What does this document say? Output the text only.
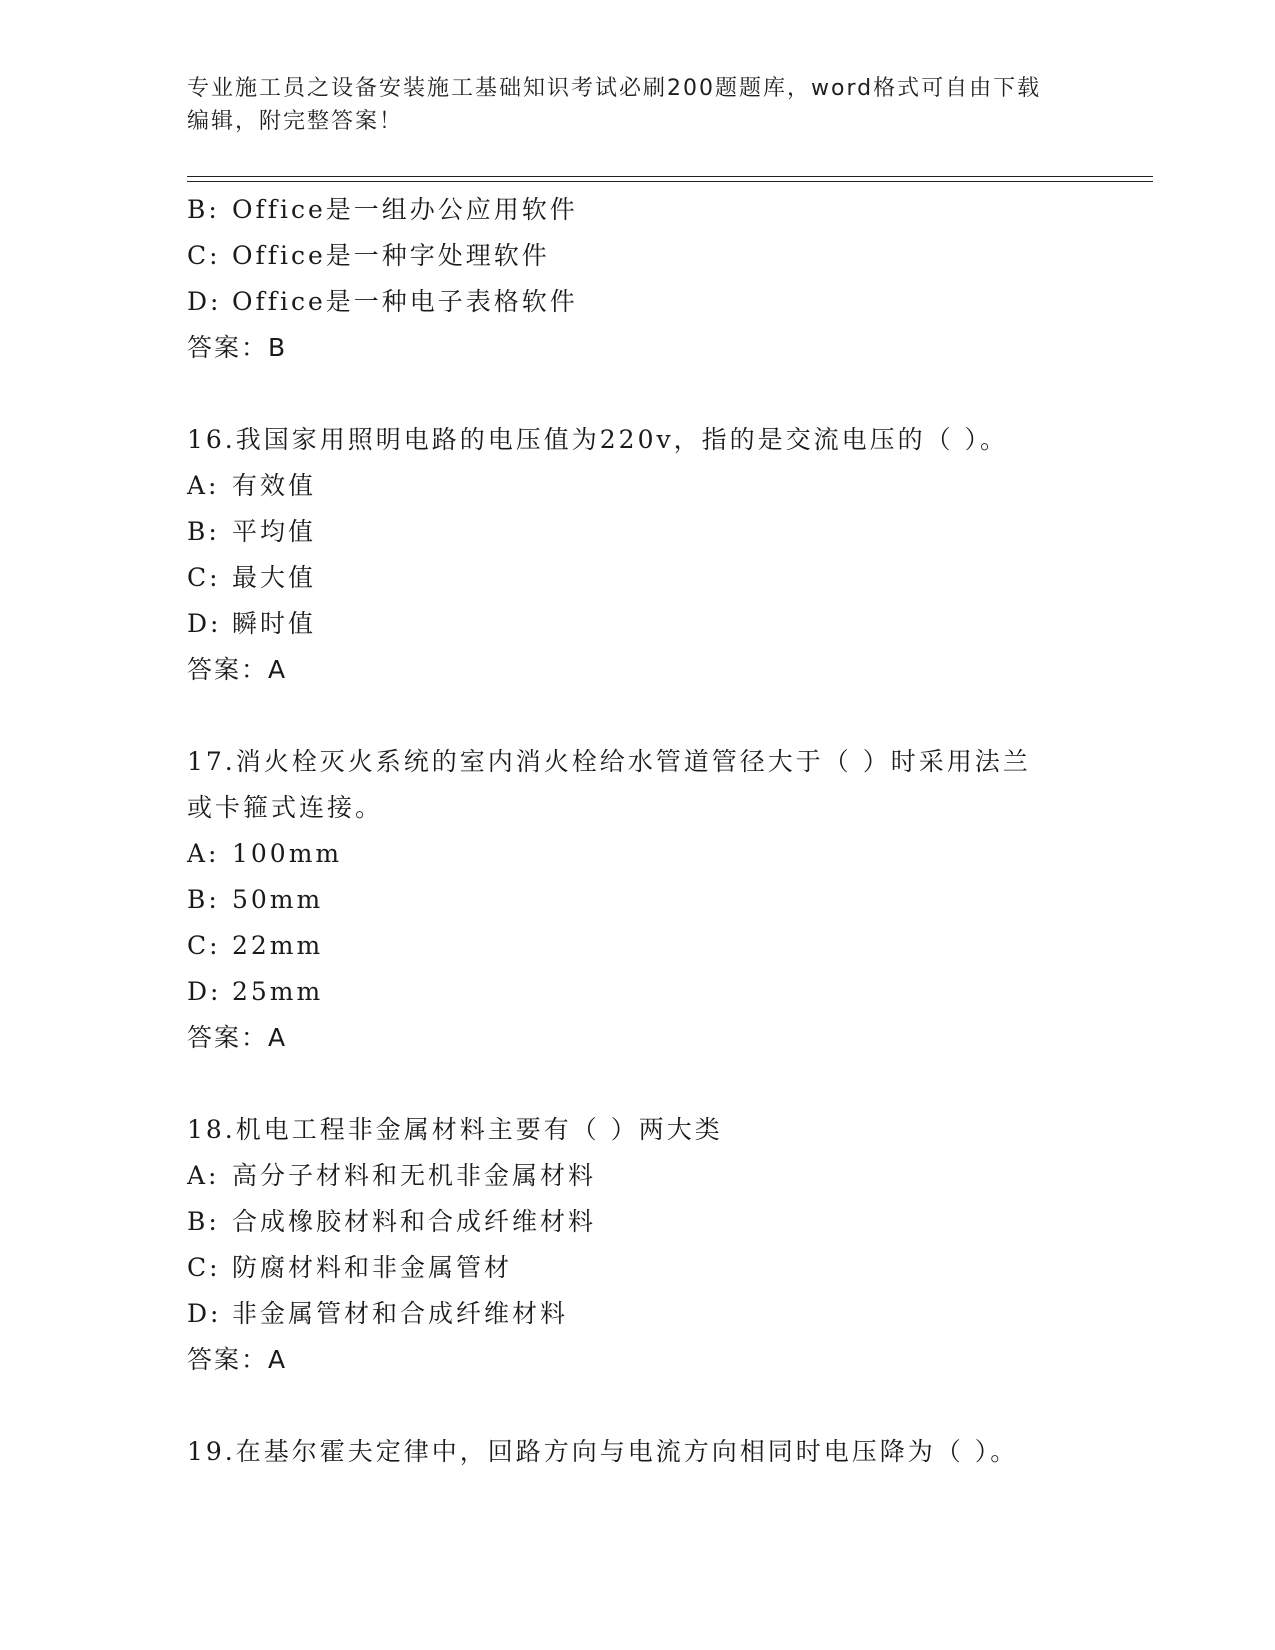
专业施工员之设备安装施工基础知识考试必刷200题题库，word格式可自由下载
编辑，附完整答案！
B: Office是一组办公应用软件
C: Office是一种字处理软件
D: Office是一种电子表格软件
答案：B
16.我国家用照明电路的电压值为220v，指的是交流电压的（ ）。
A: 有效值
B: 平均值
C: 最大值
D: 瞬时值
答案：A
17.消火栓灭火系统的室内消火栓给水管道管径大于（ ）时采用法兰
或卡箍式连接。
A: 100mm
B: 50mm
C: 22mm
D: 25mm
答案：A
18.机电工程非金属材料主要有（ ）两大类
A: 高分子材料和无机非金属材料
B: 合成橡胶材料和合成纤维材料
C: 防腐材料和非金属管材
D: 非金属管材和合成纤维材料
答案：A
19.在基尔霍夫定律中，回路方向与电流方向相同时电压降为（ ）。
